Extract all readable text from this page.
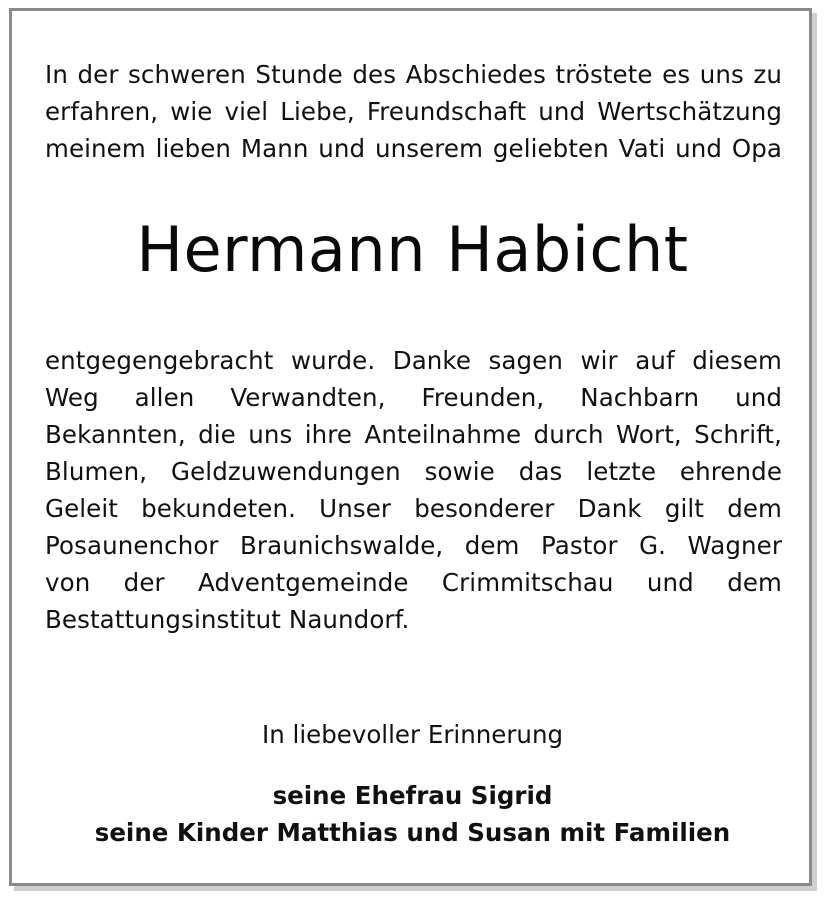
In der schweren Stunde des Abschiedes tröstete es uns zu
erfahren, wie viel Liebe, Freundschaft und Wertschätzung
meinem lieben Mann und unserem geliebten Vati und Opa
Hermann Habicht
entgegengebracht wurde. Danke sagen wir auf diesem
Weg allen Verwandten, Freunden, Nachbarn und
Bekannten, die uns ihre Anteilnahme durch Wort, Schrift,
Blumen, Geldzuwendungen sowie das letzte ehrende
Geleit bekundeten. Unser besonderer Dank gilt dem
Posaunenchor Braunichswalde, dem Pastor G. Wagner
von der Adventgemeinde Crimmitschau und dem
Bestattungsinstitut Naundorf.
In liebevoller Erinnerung
seine Ehefrau Sigrid
seine Kinder Matthias und Susan mit Familien
